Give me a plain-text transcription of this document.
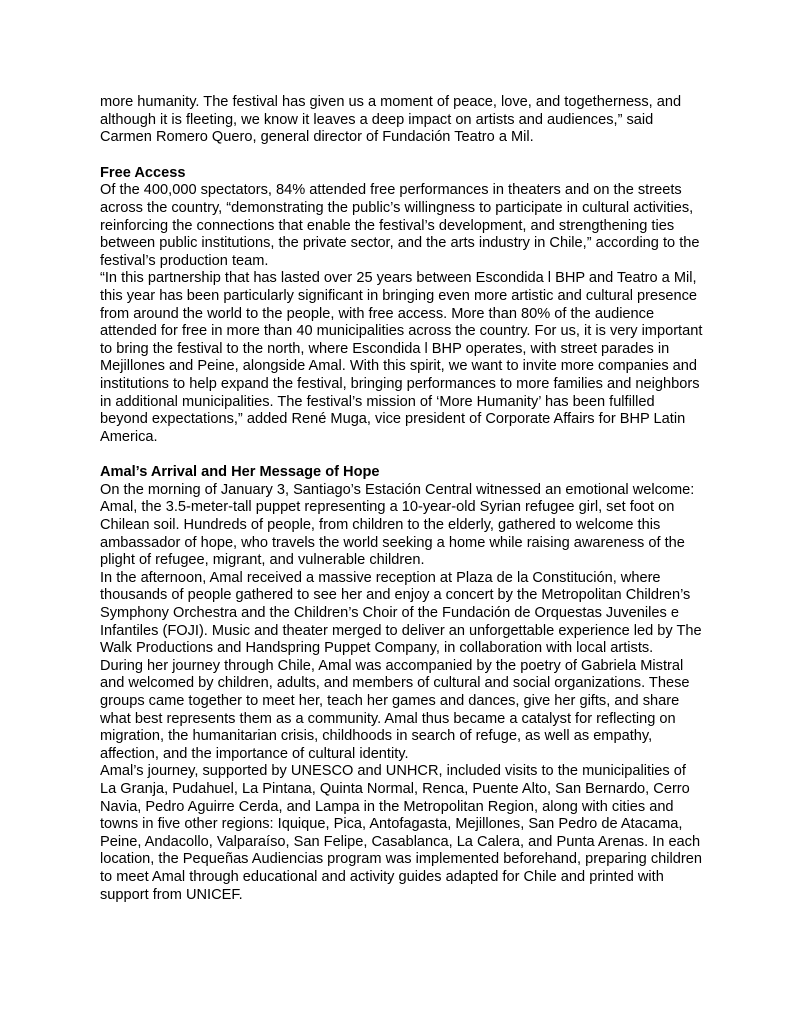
more humanity. The festival has given us a moment of peace, love, and togetherness, and although it is fleeting, we know it leaves a deep impact on artists and audiences,” said Carmen Romero Quero, general director of Fundación Teatro a Mil.

Free Access

Of the 400,000 spectators, 84% attended free performances in theaters and on the streets across the country, “demonstrating the public’s willingness to participate in cultural activities, reinforcing the connections that enable the festival’s development, and strengthening ties between public institutions, the private sector, and the arts industry in Chile,” according to the festival’s production team.

“In this partnership that has lasted over 25 years between Escondida l BHP and Teatro a Mil, this year has been particularly significant in bringing even more artistic and cultural presence from around the world to the people, with free access. More than 80% of the audience attended for free in more than 40 municipalities across the country. For us, it is very important to bring the festival to the north, where Escondida l BHP operates, with street parades in Mejillones and Peine, alongside Amal. With this spirit, we want to invite more companies and institutions to help expand the festival, bringing performances to more families and neighbors in additional municipalities. The festival’s mission of ‘More Humanity’ has been fulfilled beyond expectations,” added René Muga, vice president of Corporate Affairs for BHP Latin America.

Amal’s Arrival and Her Message of Hope

On the morning of January 3, Santiago’s Estación Central witnessed an emotional welcome: Amal, the 3.5-meter-tall puppet representing a 10-year-old Syrian refugee girl, set foot on Chilean soil. Hundreds of people, from children to the elderly, gathered to welcome this ambassador of hope, who travels the world seeking a home while raising awareness of the plight of refugee, migrant, and vulnerable children.

In the afternoon, Amal received a massive reception at Plaza de la Constitución, where thousands of people gathered to see her and enjoy a concert by the Metropolitan Children’s Symphony Orchestra and the Children’s Choir of the Fundación de Orquestas Juveniles e Infantiles (FOJI). Music and theater merged to deliver an unforgettable experience led by The Walk Productions and Handspring Puppet Company, in collaboration with local artists.

During her journey through Chile, Amal was accompanied by the poetry of Gabriela Mistral and welcomed by children, adults, and members of cultural and social organizations. These groups came together to meet her, teach her games and dances, give her gifts, and share what best represents them as a community. Amal thus became a catalyst for reflecting on migration, the humanitarian crisis, childhoods in search of refuge, as well as empathy, affection, and the importance of cultural identity.

Amal’s journey, supported by UNESCO and UNHCR, included visits to the municipalities of La Granja, Pudahuel, La Pintana, Quinta Normal, Renca, Puente Alto, San Bernardo, Cerro Navia, Pedro Aguirre Cerda, and Lampa in the Metropolitan Region, along with cities and towns in five other regions: Iquique, Pica, Antofagasta, Mejillones, San Pedro de Atacama, Peine, Andacollo, Valparaíso, San Felipe, Casablanca, La Calera, and Punta Arenas. In each location, the Pequeñas Audiencias program was implemented beforehand, preparing children to meet Amal through educational and activity guides adapted for Chile and printed with support from UNICEF.
